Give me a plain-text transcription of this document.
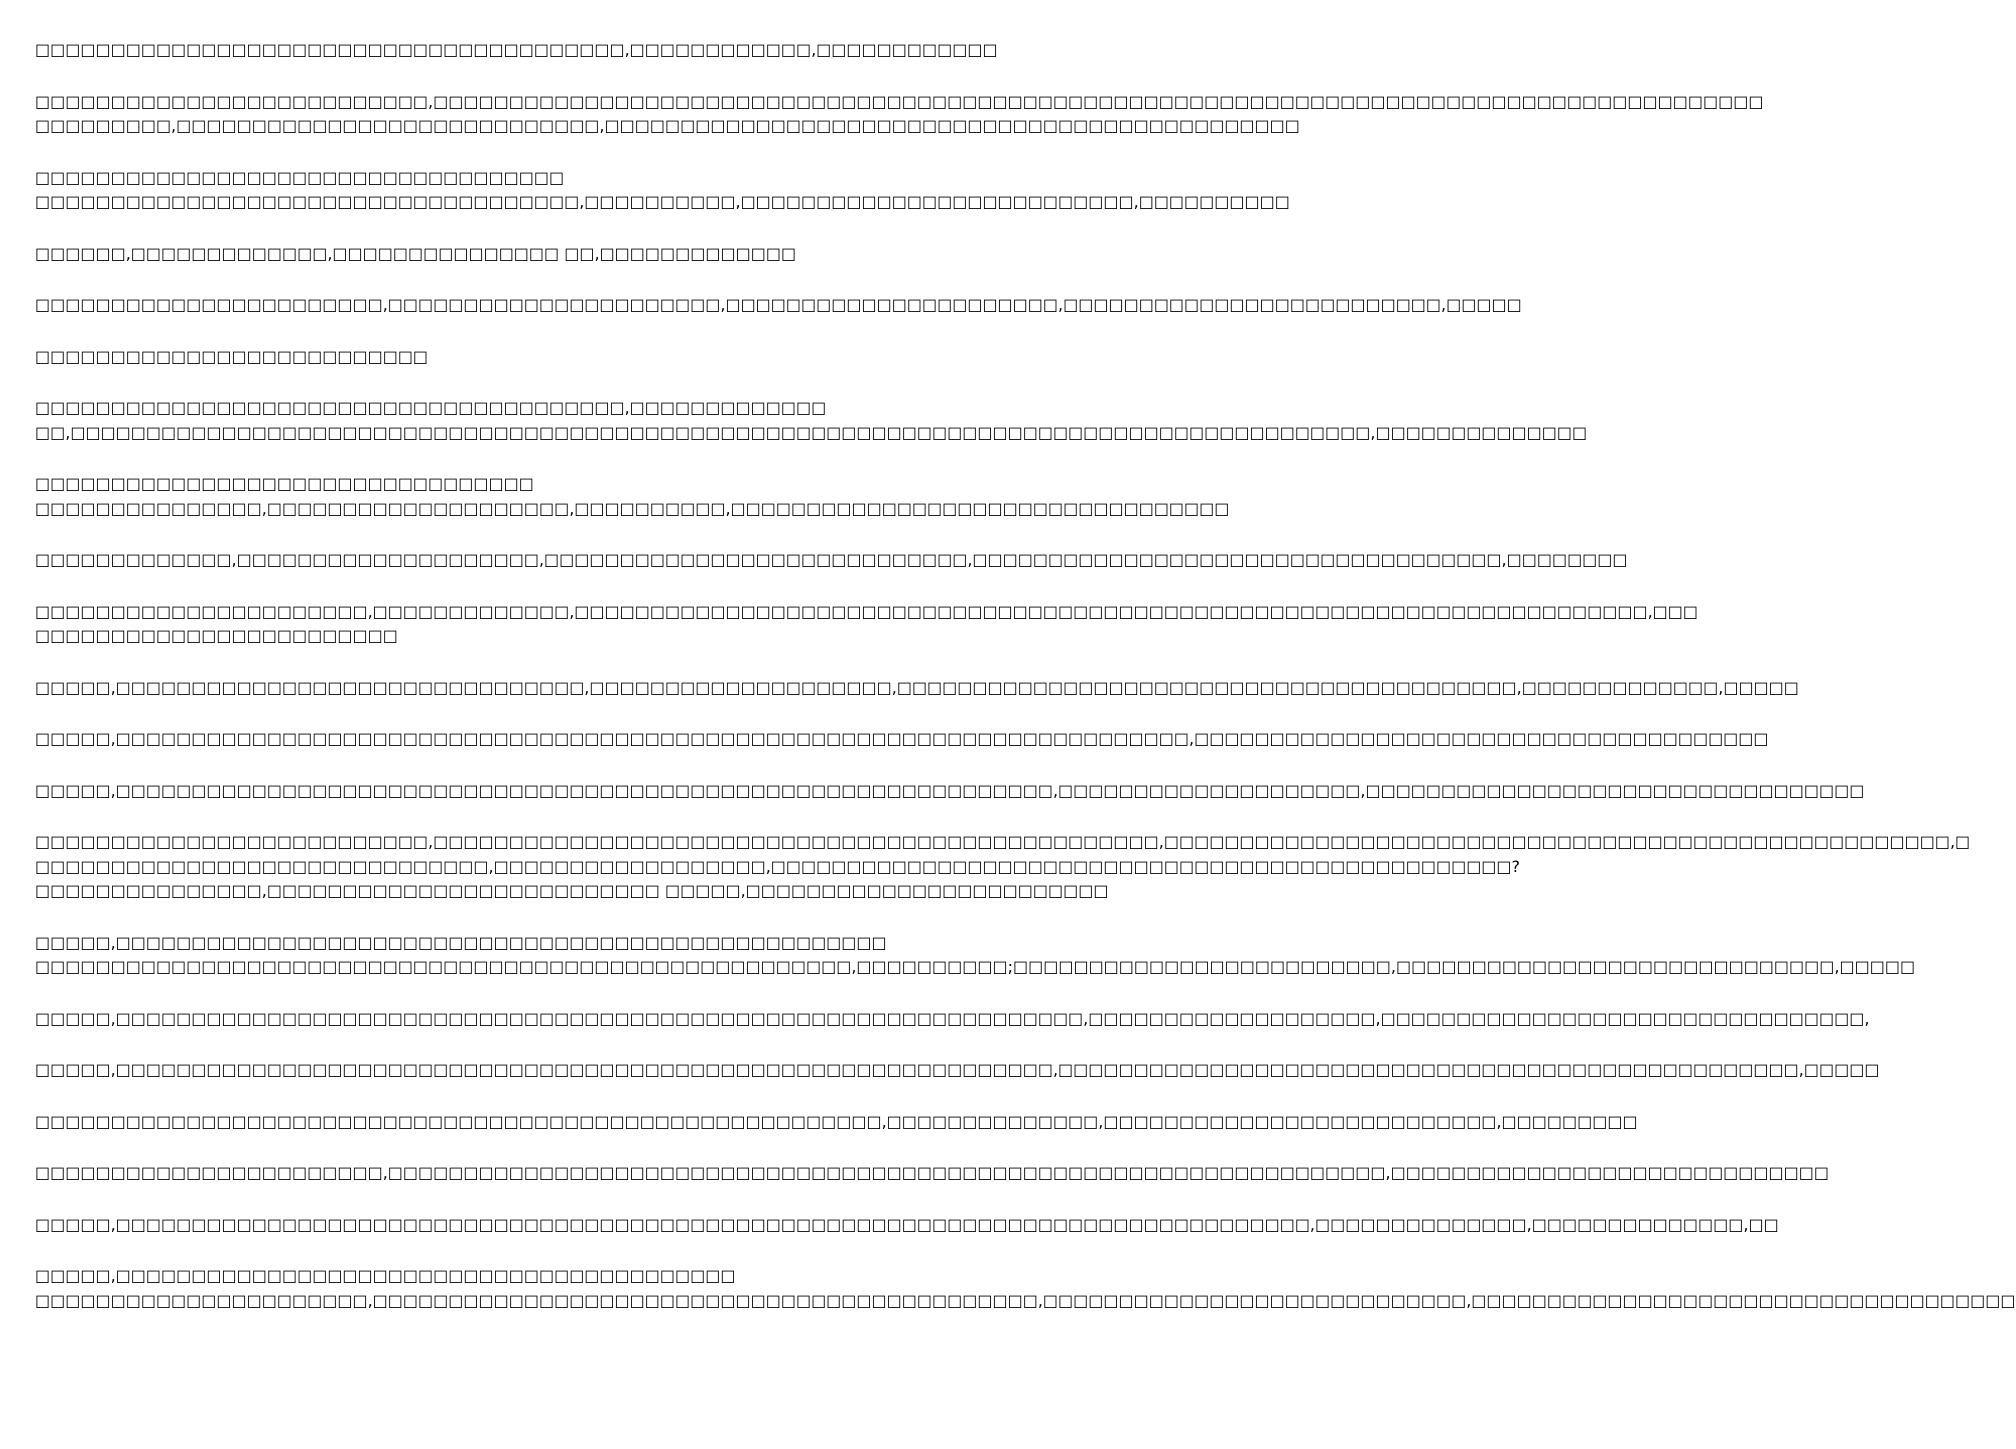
□□□□□□□□□□□□□□□□□□□□□□□□□□□□□□□□□□□□□□□,□□□□□□□□□□□□,□□□□□□□□□□□□

□□□□□□□□□□□□□□□□□□□□□□□□□□,□□□□□□□□□□□□□□□□□□□□□□□□□□□□□□□□□□□□□□□□□□□□□□□□□□□□□□□□□□□□□□□□□□□□□□□□□□□□□□□□□□□□□□□□
□□□□□□□□□,□□□□□□□□□□□□□□□□□□□□□□□□□□□□,□□□□□□□□□□□□□□□□□□□□□□□□□□□□□□□□□□□□□□□□□□□□□□

□□□□□□□□□□□□□□□□□□□□□□□□□□□□□□□□□□□
□□□□□□□□□□□□□□□□□□□□□□□□□□□□□□□□□□□□,□□□□□□□□□□,□□□□□□□□□□□□□□□□□□□□□□□□□□,□□□□□□□□□□

□□□□□□,□□□□□□□□□□□□□,□□□□□□□□□□□□□□□ □□,□□□□□□□□□□□□□

□□□□□□□□□□□□□□□□□□□□□□□,□□□□□□□□□□□□□□□□□□□□□□,□□□□□□□□□□□□□□□□□□□□□□,□□□□□□□□□□□□□□□□□□□□□□□□□,□□□□□

□□□□□□□□□□□□□□□□□□□□□□□□□□

□□□□□□□□□□□□□□□□□□□□□□□□□□□□□□□□□□□□□□□,□□□□□□□□□□□□□
□□,□□□□□□□□□□□□□□□□□□□□□□□□□□□□□□□□□□□□□□□□□□□□□□□□□□□□□□□□□□□□□□□□□□□□□□□□□□□□□□□□□□□□□□,□□□□□□□□□□□□□□

□□□□□□□□□□□□□□□□□□□□□□□□□□□□□□□□□
□□□□□□□□□□□□□□□,□□□□□□□□□□□□□□□□□□□□,□□□□□□□□□□,□□□□□□□□□□□□□□□□□□□□□□□□□□□□□□□□□

□□□□□□□□□□□□□,□□□□□□□□□□□□□□□□□□□□,□□□□□□□□□□□□□□□□□□□□□□□□□□□□,□□□□□□□□□□□□□□□□□□□□□□□□□□□□□□□□□□□,□□□□□□□□

□□□□□□□□□□□□□□□□□□□□□□,□□□□□□□□□□□□□,□□□□□□□□□□□□□□□□□□□□□□□□□□□□□□□□□□□□□□□□□□□□□□□□□□□□□□□□□□□□□□□□□□□□□□□,□□□
□□□□□□□□□□□□□□□□□□□□□□□□

□□□□□,□□□□□□□□□□□□□□□□□□□□□□□□□□□□□□□,□□□□□□□□□□□□□□□□□□□□,□□□□□□□□□□□□□□□□□□□□□□□□□□□□□□□□□□□□□□□□□,□□□□□□□□□□□□□,□□□□□

□□□□□,□□□□□□□□□□□□□□□□□□□□□□□□□□□□□□□□□□□□□□□□□□□□□□□□□□□□□□□□□□□□□□□□□□□□□□□,□□□□□□□□□□□□□□□□□□□□□□□□□□□□□□□□□□□□□□

□□□□□,□□□□□□□□□□□□□□□□□□□□□□□□□□□□□□□□□□□□□□□□□□□□□□□□□□□□□□□□□□□□□□,□□□□□□□□□□□□□□□□□□□□,□□□□□□□□□□□□□□□□□□□□□□□□□□□□□□□□□

□□□□□□□□□□□□□□□□□□□□□□□□□□,□□□□□□□□□□□□□□□□□□□□□□□□□□□□□□□□□□□□□□□□□□□□□□□□,□□□□□□□□□□□□□□□□□□□□□□□□□□□□□□□□□□□□□□□□□□□□□□□□□□□□,□
□□□□□□□□□□□□□□□□□□□□□□□□□□□□□□,□□□□□□□□□□□□□□□□□□,□□□□□□□□□□□□□□□□□□□□□□□□□□□□□□□□□□□□□□□□□□□□□□□□□?
□□□□□□□□□□□□□□□,□□□□□□□□□□□□□□□□□□□□□□□□□□ □□□□□,□□□□□□□□□□□□□□□□□□□□□□□□

□□□□□,□□□□□□□□□□□□□□□□□□□□□□□□□□□□□□□□□□□□□□□□□□□□□□□□□□□
□□□□□□□□□□□□□□□□□□□□□□□□□□□□□□□□□□□□□□□□□□□□□□□□□□□□□□,□□□□□□□□□□;□□□□□□□□□□□□□□□□□□□□□□□□□,□□□□□□□□□□□□□□□□□□□□□□□□□□□□□,□□□□□

□□□□□,□□□□□□□□□□□□□□□□□□□□□□□□□□□□□□□□□□□□□□□□□□□□□□□□□□□□□□□□□□□□□□□□,□□□□□□□□□□□□□□□□□□□,□□□□□□□□□□□□□□□□□□□□□□□□□□□□□□□□,

□□□□□,□□□□□□□□□□□□□□□□□□□□□□□□□□□□□□□□□□□□□□□□□□□□□□□□□□□□□□□□□□□□□□,□□□□□□□□□□□□□□□□□□□□□□□□□□□□□□□□□□□□□□□□□□□□□□□□□,□□□□□

□□□□□□□□□□□□□□□□□□□□□□□□□□□□□□□□□□□□□□□□□□□□□□□□□□□□□□□□,□□□□□□□□□□□□□□,□□□□□□□□□□□□□□□□□□□□□□□□□□,□□□□□□□□□

□□□□□□□□□□□□□□□□□□□□□□□,□□□□□□□□□□□□□□□□□□□□□□□□□□□□□□□□□□□□□□□□□□□□□□□□□□□□□□□□□□□□□□□□□□,□□□□□□□□□□□□□□□□□□□□□□□□□□□□□

□□□□□,□□□□□□□□□□□□□□□□□□□□□□□□□□□□□□□□□□□□□□□□□□□□□□□□□□□□□□□□□□□□□□□□□□□□□□□□□□□□□□□,□□□□□□□□□□□□□□,□□□□□□□□□□□□□□,□□

□□□□□,□□□□□□□□□□□□□□□□□□□□□□□□□□□□□□□□□□□□□□□□□
□□□□□□□□□□□□□□□□□□□□□□,□□□□□□□□□□□□□□□□□□□□□□□□□□□□□□□□□□□□□□□□□□□□,□□□□□□□□□□□□□□□□□□□□□□□□□□□□,□□□□□□□□□□□□□□□□□□□□□□□□□□□□□□□□□□□□
